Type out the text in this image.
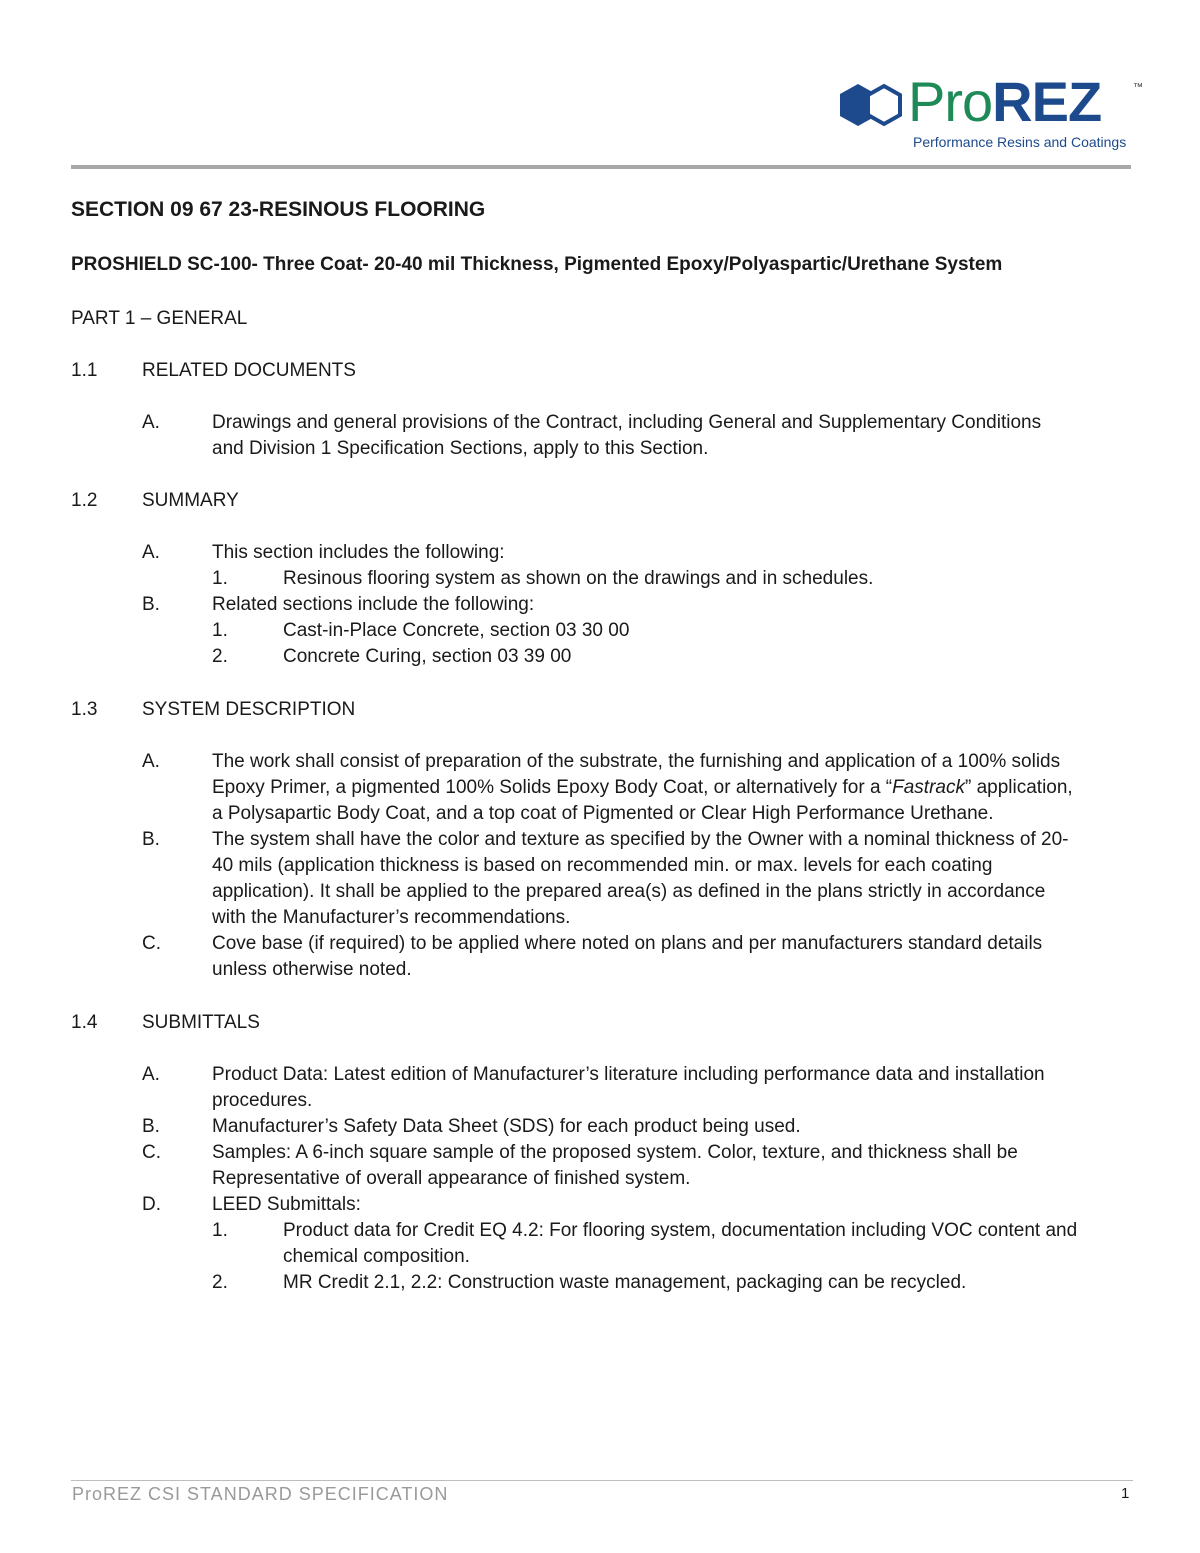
ProREZ	™
Performance Resins and Coatings
SECTION 09 67 23-RESINOUS FLOORING
PROSHIELD SC-100- Three Coat- 20-40 mil Thickness, Pigmented Epoxy/Polyaspartic/Urethane System
PART 1 – GENERAL
1.1 RELATED DOCUMENTS
A.	Drawings and general provisions of the Contract, including General and Supplementary Conditions
and Division 1 Specification Sections, apply to this Section.
1.2 SUMMARY
A.	This section includes the following:
1.	Resinous flooring system as shown on the drawings and in schedules.
B.	Related sections include the following:
1.	Cast-in-Place Concrete, section 03 30 00
2.	Concrete Curing, section 03 39 00
1.3 SYSTEM DESCRIPTION
A.	The work shall consist of preparation of the substrate, the furnishing and application of a 100% solids
Epoxy Primer, a pigmented 100% Solids Epoxy Body Coat, or alternatively for a “Fastrack” application,
a Polysapartic Body Coat, and a top coat of Pigmented or Clear High Performance Urethane.
B.	The system shall have the color and texture as specified by the Owner with a nominal thickness of 20-
40 mils (application thickness is based on recommended min. or max. levels for each coating
application). It shall be applied to the prepared area(s) as defined in the plans strictly in accordance
with the Manufacturer’s recommendations.
C.	Cove base (if required) to be applied where noted on plans and per manufacturers standard details
unless otherwise noted.
1.4 SUBMITTALS
A.	Product Data: Latest edition of Manufacturer’s literature including performance data and installation
procedures.
B.	Manufacturer’s Safety Data Sheet (SDS) for each product being used.
C.	Samples: A 6-inch square sample of the proposed system. Color, texture, and thickness shall be
Representative of overall appearance of finished system.
D.	LEED Submittals:
1.	Product data for Credit EQ 4.2: For flooring system, documentation including VOC content and
chemical composition.
2.	MR Credit 2.1, 2.2: Construction waste management, packaging can be recycled.
ProREZ CSI STANDARD SPECIFICATION	1
